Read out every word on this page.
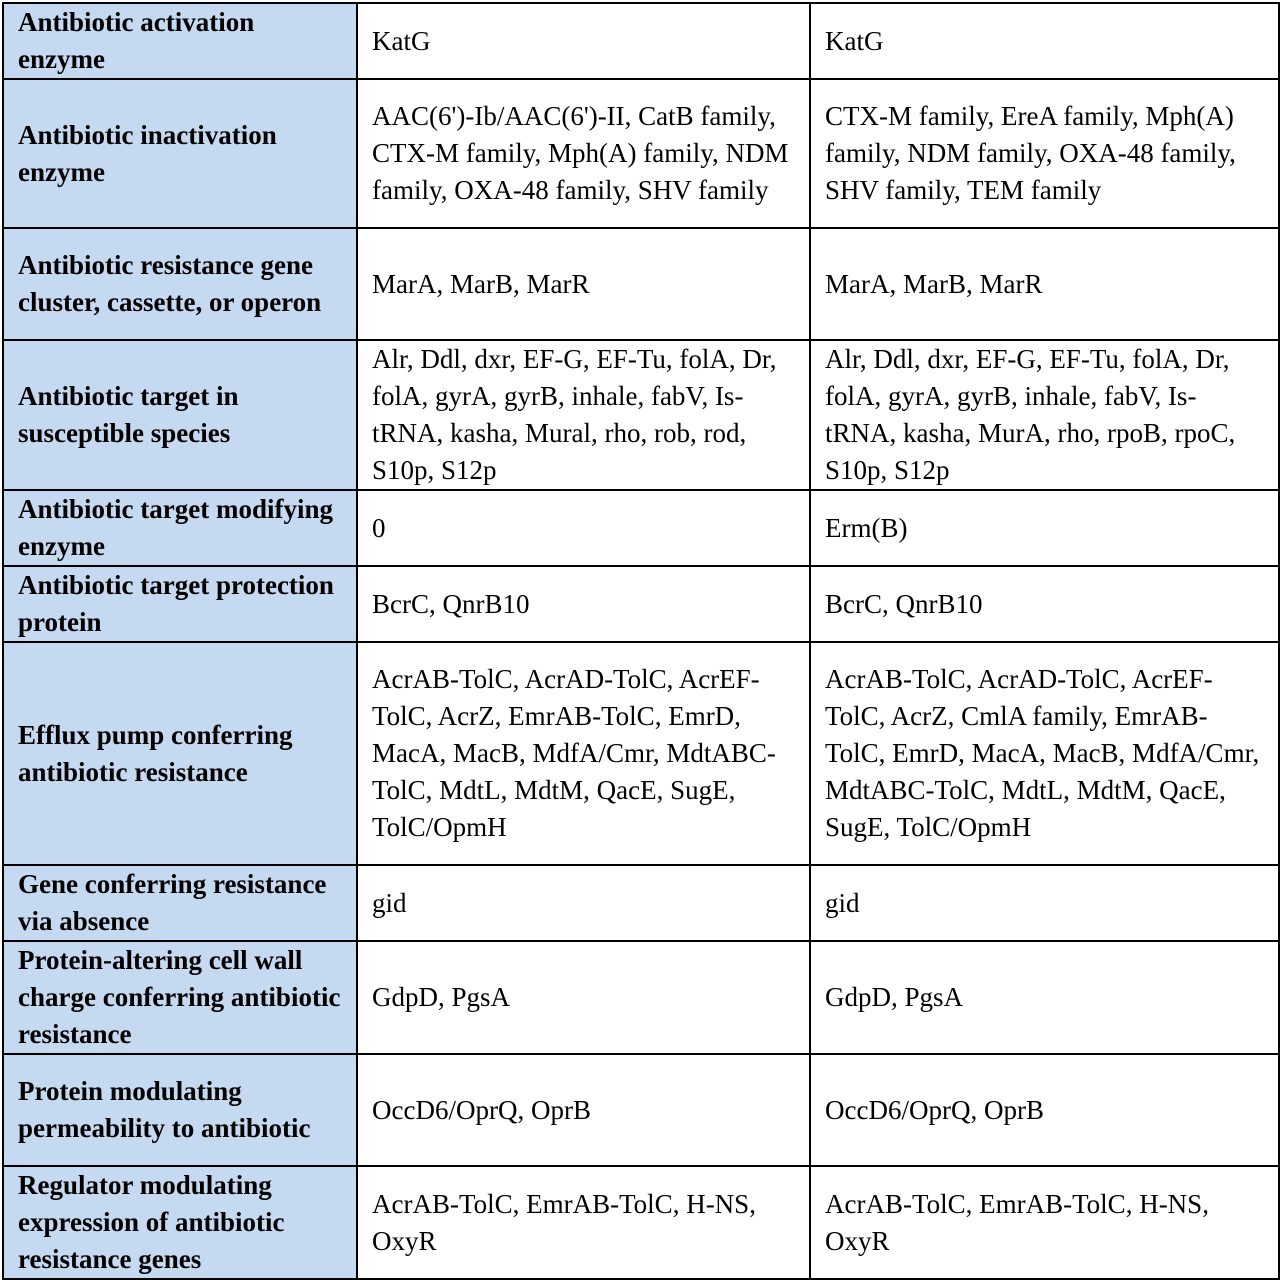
Antibiotic activation enzyme	KatG	KatG
Antibiotic inactivation enzyme	AAC(6')-Ib/AAC(6')-II, CatB family, CTX-M family, Mph(A) family, NDM family, OXA-48 family, SHV family	CTX-M family, EreA family, Mph(A) family, NDM family, OXA-48 family, SHV family, TEM family
Antibiotic resistance gene cluster, cassette, or operon	MarA, MarB, MarR	MarA, MarB, MarR
Antibiotic target in susceptible species	Alr, Ddl, dxr, EF-G, EF-Tu, folA, Dr, folA, gyrA, gyrB, inhale, fabV, Is-tRNA, kasha, Mural, rho, rob, rod, S10p, S12p	Alr, Ddl, dxr, EF-G, EF-Tu, folA, Dr, folA, gyrA, gyrB, inhale, fabV, Is-tRNA, kasha, MurA, rho, rpoB, rpoC, S10p, S12p
Antibiotic target modifying enzyme	0	Erm(B)
Antibiotic target protection protein	BcrC, QnrB10	BcrC, QnrB10
Efflux pump conferring antibiotic resistance	AcrAB-TolC, AcrAD-TolC, AcrEF-TolC, AcrZ, EmrAB-TolC, EmrD, MacA, MacB, MdfA/Cmr, MdtABC-TolC, MdtL, MdtM, QacE, SugE, TolC/OpmH	AcrAB-TolC, AcrAD-TolC, AcrEF-TolC, AcrZ, CmlA family, EmrAB-TolC, EmrD, MacA, MacB, MdfA/Cmr, MdtABC-TolC, MdtL, MdtM, QacE, SugE, TolC/OpmH
Gene conferring resistance via absence	gid	gid
Protein-altering cell wall charge conferring antibiotic resistance	GdpD, PgsA	GdpD, PgsA
Protein modulating permeability to antibiotic	OccD6/OprQ, OprB	OccD6/OprQ, OprB
Regulator modulating expression of antibiotic resistance genes	AcrAB-TolC, EmrAB-TolC, H-NS, OxyR	AcrAB-TolC, EmrAB-TolC, H-NS, OxyR
